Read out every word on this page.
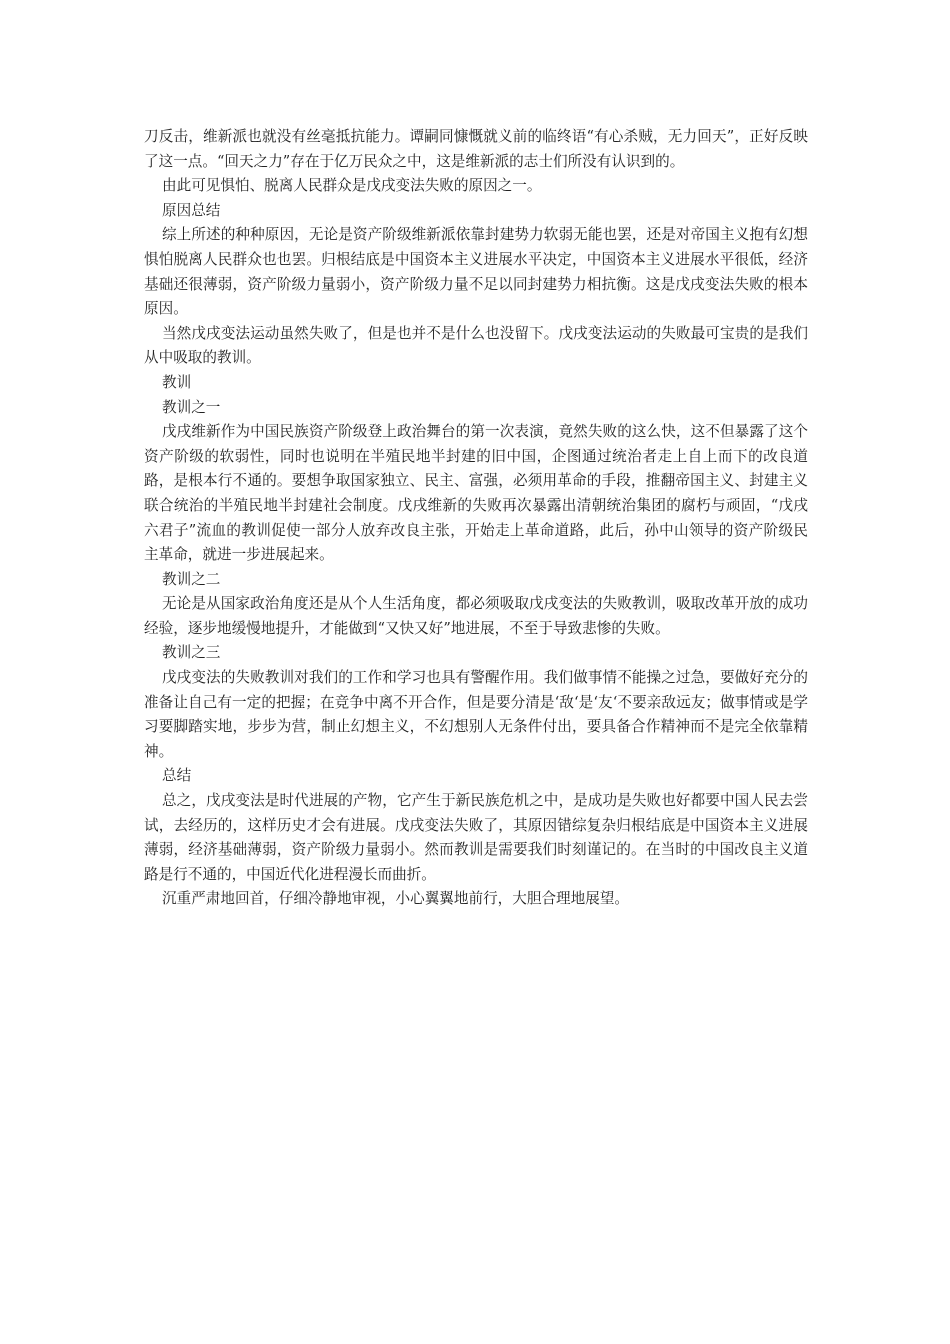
刀反击，维新派也就没有丝毫抵抗能力。谭嗣同慷慨就义前的临终语“有心杀贼，无力回天”，正好反映了这一点。“回天之力”存在于亿万民众之中，这是维新派的志士们所没有认识到的。

由此可见惧怕、脱离人民群众是戊戌变法失败的原因之一。

原因总结

综上所述的种种原因，无论是资产阶级维新派依靠封建势力软弱无能也罢，还是对帝国主义抱有幻想惧怕脱离人民群众也也罢。归根结底是中国资本主义进展水平决定，中国资本主义进展水平很低，经济基础还很薄弱，资产阶级力量弱小，资产阶级力量不足以同封建势力相抗衡。这是戊戌变法失败的根本原因。

当然戊戌变法运动虽然失败了，但是也并不是什么也没留下。戊戌变法运动的失败最可宝贵的是我们从中吸取的教训。

教训

教训之一

戊戌维新作为中国民族资产阶级登上政治舞台的第一次表演，竟然失败的这么快，这不但暴露了这个资产阶级的软弱性，同时也说明在半殖民地半封建的旧中国，企图通过统治者走上自上而下的改良道路，是根本行不通的。要想争取国家独立、民主、富强，必须用革命的手段，推翻帝国主义、封建主义联合统治的半殖民地半封建社会制度。戊戌维新的失败再次暴露出清朝统治集团的腐朽与顽固，“戊戌六君子”流血的教训促使一部分人放弃改良主张，开始走上革命道路，此后，孙中山领导的资产阶级民主革命，就进一步进展起来。

教训之二

无论是从国家政治角度还是从个人生活角度，都必须吸取戊戌变法的失败教训，吸取改革开放的成功经验，逐步地缓慢地提升，才能做到“又快又好”地进展，不至于导致悲惨的失败。

教训之三

戊戌变法的失败教训对我们的工作和学习也具有警醒作用。我们做事情不能操之过急，要做好充分的准备让自己有一定的把握；在竞争中离不开合作，但是要分清是‘敌‘是‘友‘不要亲敌远友；做事情或是学习要脚踏实地，步步为营，制止幻想主义，不幻想别人无条件付出，要具备合作精神而不是完全依靠精神。

总结

总之，戊戌变法是时代进展的产物，它产生于新民族危机之中，是成功是失败也好都要中国人民去尝试，去经历的，这样历史才会有进展。戊戌变法失败了，其原因错综复杂归根结底是中国资本主义进展薄弱，经济基础薄弱，资产阶级力量弱小。然而教训是需要我们时刻谨记的。在当时的中国改良主义道路是行不通的，中国近代化进程漫长而曲折。

沉重严肃地回首，仔细冷静地审视，小心翼翼地前行，大胆合理地展望。
